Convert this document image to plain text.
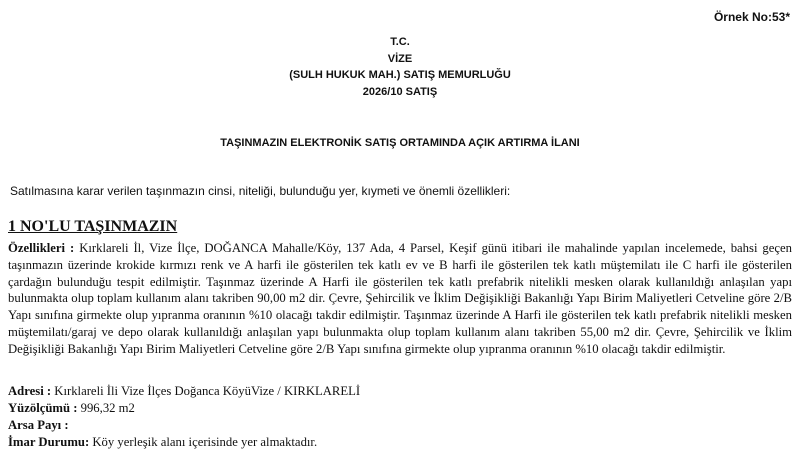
Örnek No:53*
T.C.
VİZE
(SULH HUKUK MAH.) SATIŞ MEMURLUĞU
2026/10 SATIŞ
TAŞINMAZIN ELEKTRONİK SATIŞ ORTAMINDA AÇIK ARTIRMA İLANI
Satılmasına karar verilen taşınmazın cinsi, niteliği, bulunduğu yer, kıymeti ve önemli özellikleri:
1 NO'LU TAŞINMAZIN
Özellikleri : Kırklareli İl, Vize İlçe, DOĞANCA Mahalle/Köy, 137 Ada, 4 Parsel, Keşif günü itibari ile mahalinde yapılan incelemede, bahsi geçen taşınmazın üzerinde krokide kırmızı renk ve A harfi ile gösterilen tek katlı ev ve B harfi ile gösterilen tek katlı müştemilatı ile C harfi ile gösterilen çardağın bulunduğu tespit edilmiştir. Taşınmaz üzerinde A Harfi ile gösterilen tek katlı prefabrik nitelikli mesken olarak kullanıldığı anlaşılan yapı bulunmakta olup toplam kullanım alanı takriben 90,00 m2 dir. Çevre, Şehircilik ve İklim Değişikliği Bakanlığı Yapı Birim Maliyetleri Cetveline göre 2/B Yapı sınıfına girmekte olup yıpranma oranının %10 olacağı takdir edilmiştir. Taşınmaz üzerinde A Harfi ile gösterilen tek katlı prefabrik nitelikli mesken müştemilatı/garaj ve depo olarak kullanıldığı anlaşılan yapı bulunmakta olup toplam kullanım alanı takriben 55,00 m2 dir. Çevre, Şehircilik ve İklim Değişikliği Bakanlığı Yapı Birim Maliyetleri Cetveline göre 2/B Yapı sınıfına girmekte olup yıpranma oranının %10 olacağı takdir edilmiştir.
Adresi : Kırklareli İli Vize İlçes Doğanca KöyüVize / KIRKLARELİ
Yüzölçümü : 996,32 m2
Arsa Payı :
İmar Durumu: Köy yerleşik alanı içerisinde yer almaktadır.
